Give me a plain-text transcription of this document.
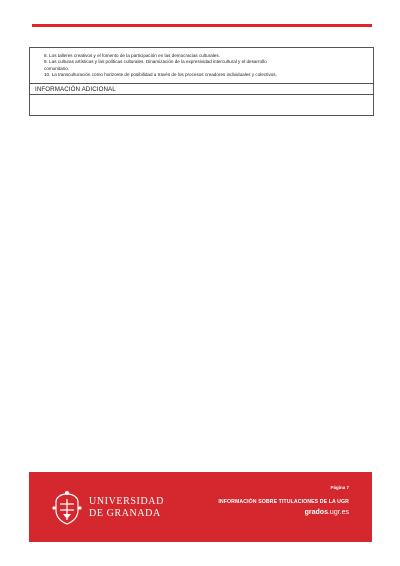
8. Los talleres creativos y el fomento de la participación en las democracias culturales.
9. Las culturas artísticas y las políticas culturales. Dinamización de la expresividad intercultural y el desarrollo
comunitario.
10. La transculturación como horizonte de posibilidad a través de los procesos creadores individuales y colectivos.
INFORMACIÓN ADICIONAL
UNIVERSIDAD
DE GRANADA
Página 7
INFORMACIÓN SOBRE TITULACIONES DE LA UGR
grados.ugr.es
